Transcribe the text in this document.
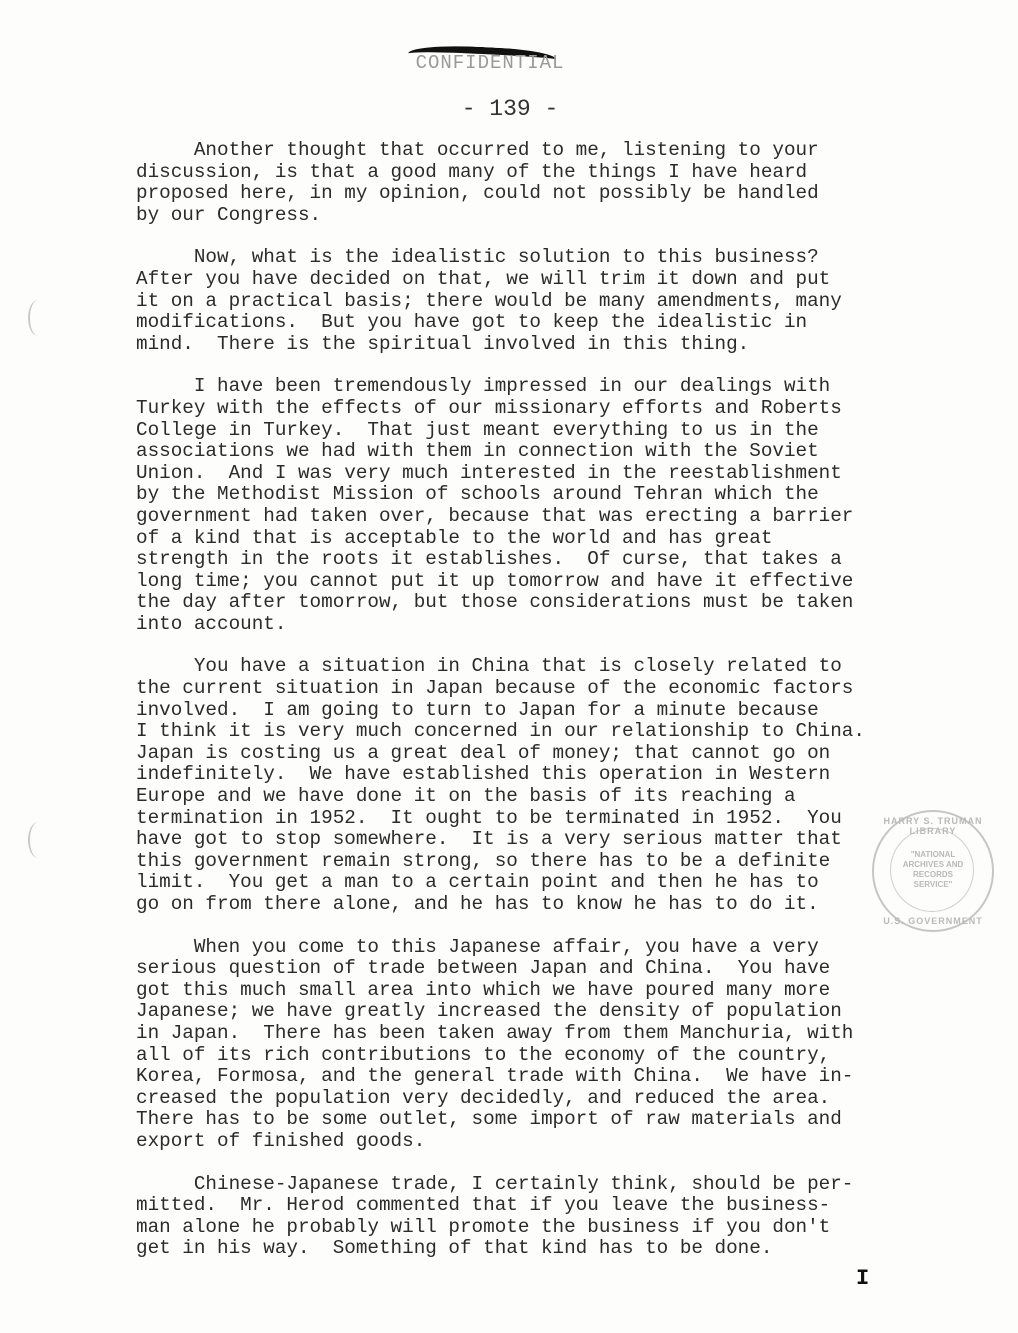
CONFIDENTIAL
- 139 -
Another thought that occurred to me, listening to your
discussion, is that a good many of the things I have heard
proposed here, in my opinion, could not possibly be handled
by our Congress.
Now, what is the idealistic solution to this business?
After you have decided on that, we will trim it down and put
it on a practical basis; there would be many amendments, many
modifications.  But you have got to keep the idealistic in
mind.  There is the spiritual involved in this thing.
I have been tremendously impressed in our dealings with
Turkey with the effects of our missionary efforts and Roberts
College in Turkey.  That just meant everything to us in the
associations we had with them in connection with the Soviet
Union.  And I was very much interested in the reestablishment
by the Methodist Mission of schools around Tehran which the
government had taken over, because that was erecting a barrier
of a kind that is acceptable to the world and has great
strength in the roots it establishes.  Of curse, that takes a
long time; you cannot put it up tomorrow and have it effective
the day after tomorrow, but those considerations must be taken
into account.
You have a situation in China that is closely related to
the current situation in Japan because of the economic factors
involved.  I am going to turn to Japan for a minute because
I think it is very much concerned in our relationship to China.
Japan is costing us a great deal of money; that cannot go on
indefinitely.  We have established this operation in Western
Europe and we have done it on the basis of its reaching a
termination in 1952.  It ought to be terminated in 1952.  You
have got to stop somewhere.  It is a very serious matter that
this government remain strong, so there has to be a definite
limit.  You get a man to a certain point and then he has to
go on from there alone, and he has to know he has to do it.
When you come to this Japanese affair, you have a very
serious question of trade between Japan and China.  You have
got this much small area into which we have poured many more
Japanese; we have greatly increased the density of population
in Japan.  There has been taken away from them Manchuria, with
all of its rich contributions to the economy of the country,
Korea, Formosa, and the general trade with China.  We have in-
creased the population very decidedly, and reduced the area.
There has to be some outlet, some import of raw materials and
export of finished goods.
Chinese-Japanese trade, I certainly think, should be per-
mitted.  Mr. Herod commented that if you leave the business-
man alone he probably will promote the business if you don't
get in his way.  Something of that kind has to be done.
HARRY S. TRUMAN LIBRARY
"NATIONAL
ARCHIVES AND
RECORDS
SERVICE"
U.S. GOVERNMENT
I
